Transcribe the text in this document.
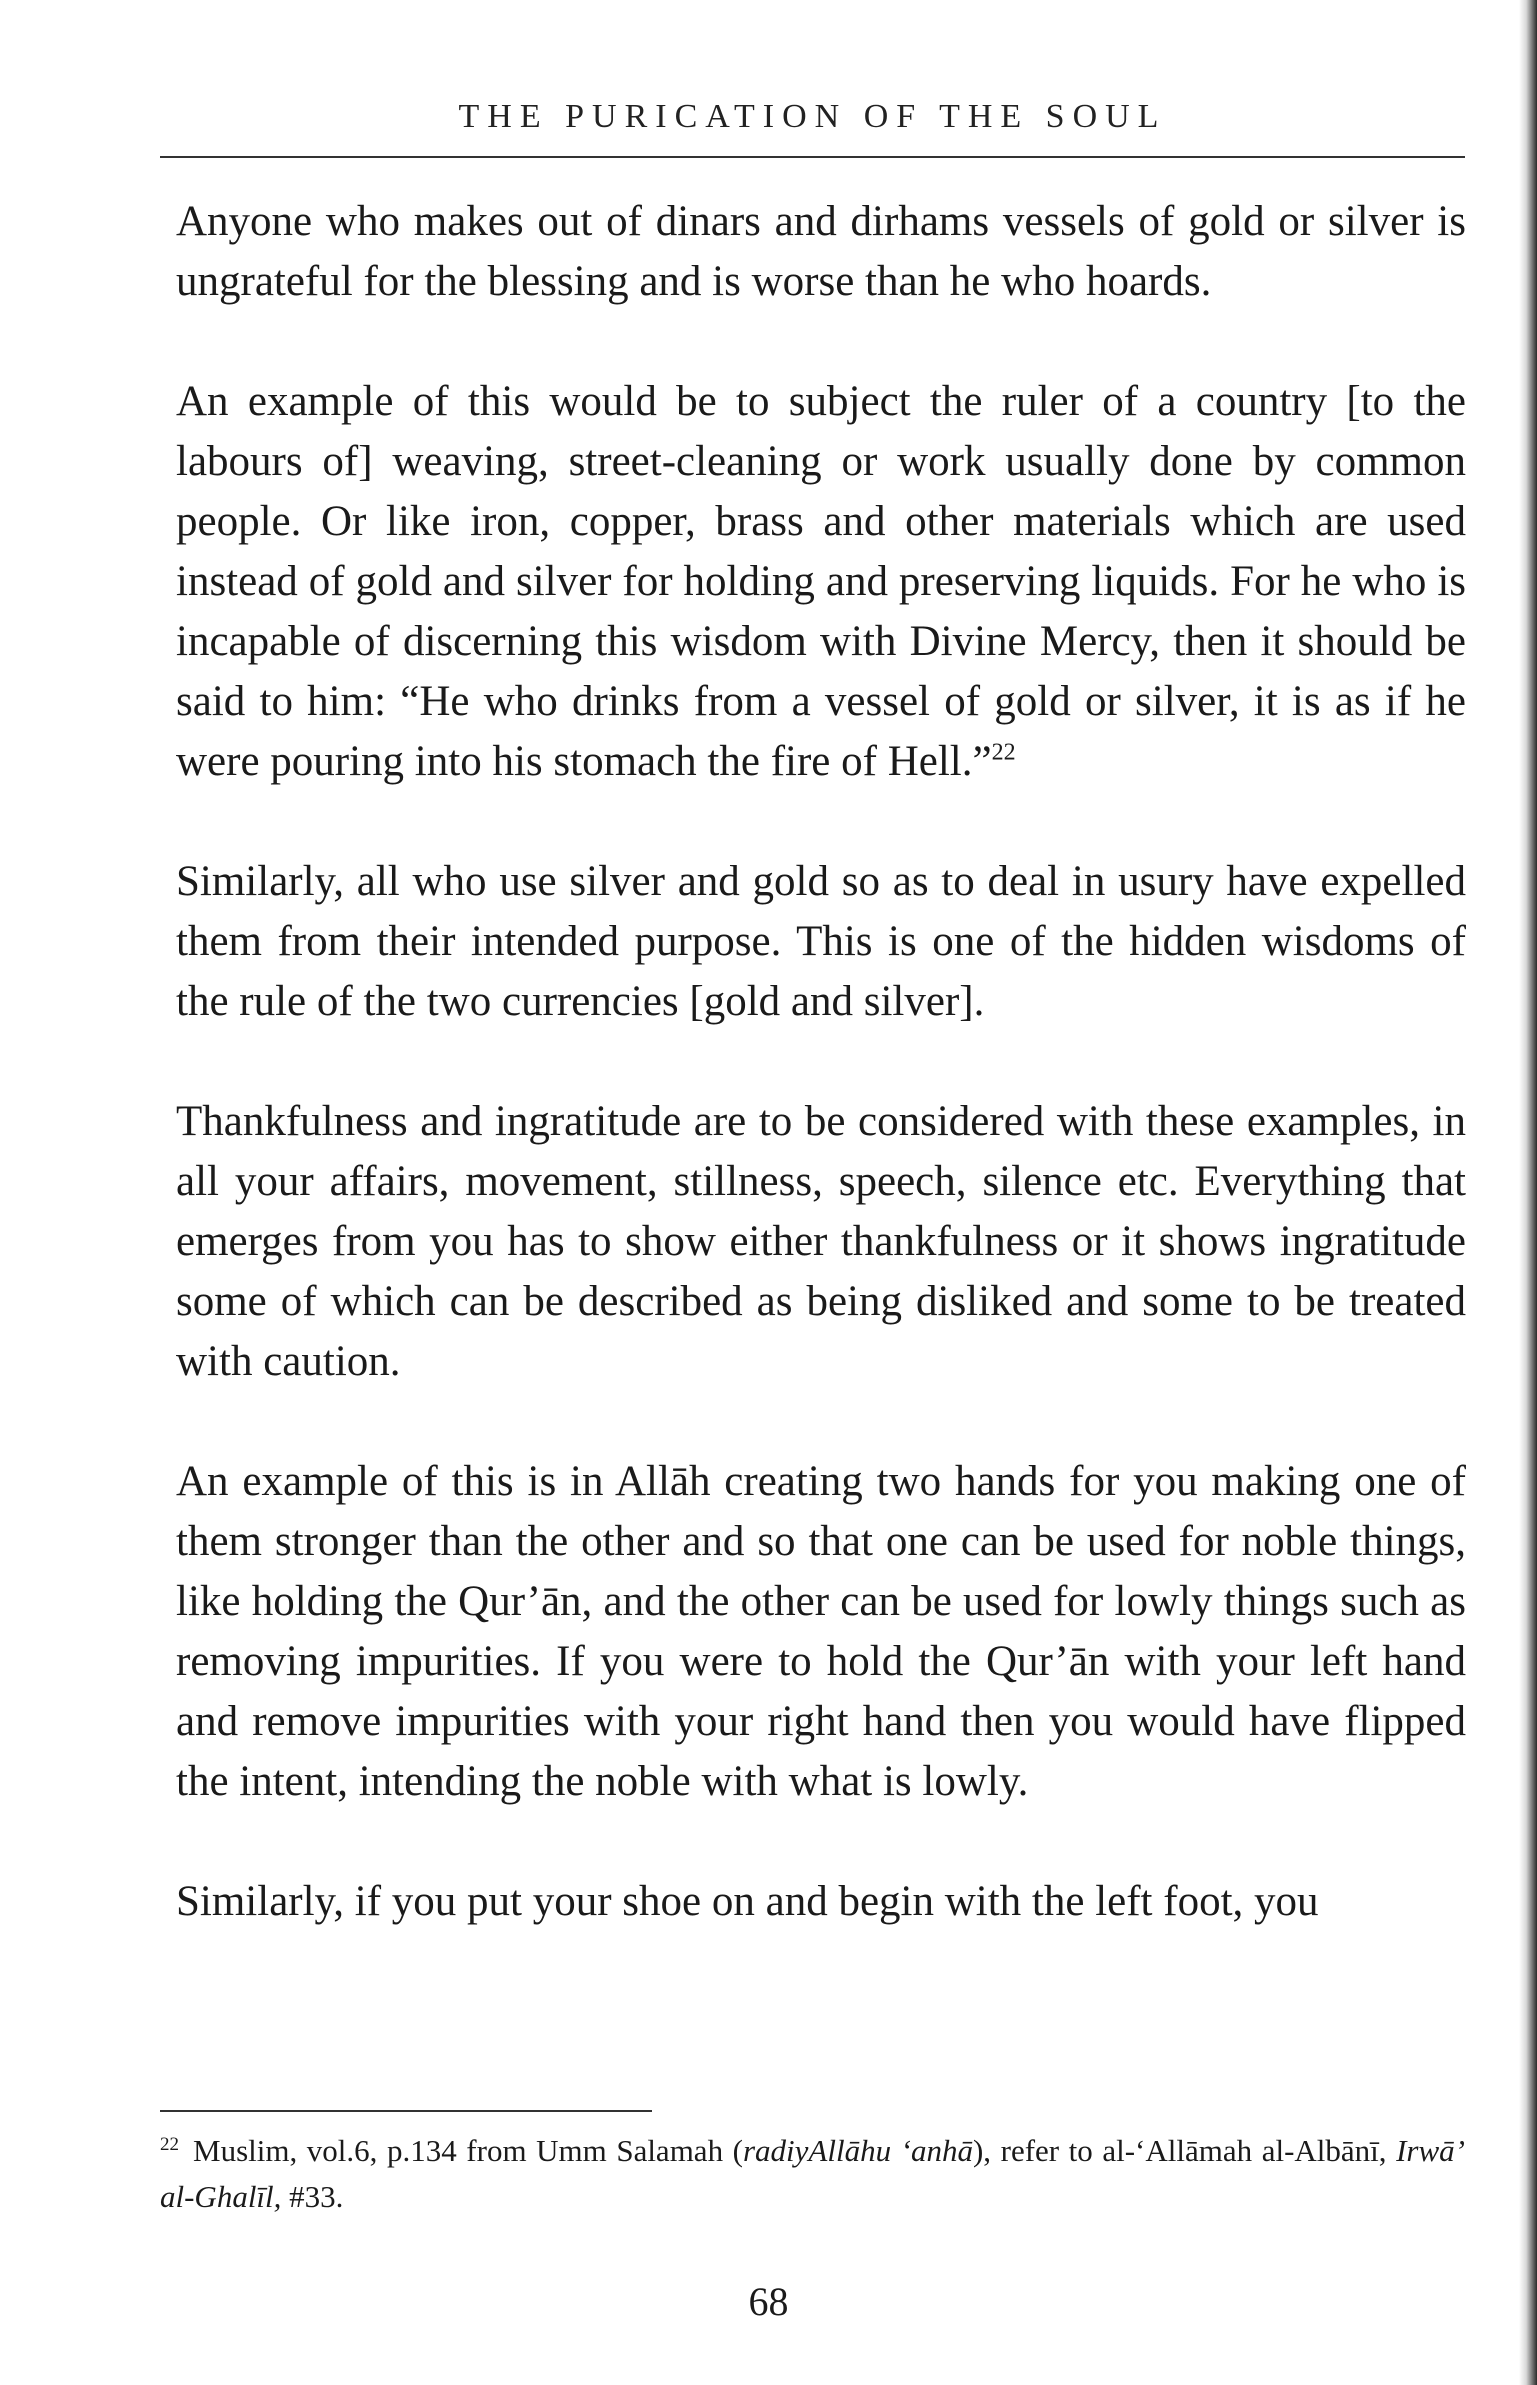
THE PURICATION OF THE SOUL

Anyone who makes out of dinars and dirhams vessels of gold or silver is ungrateful for the blessing and is worse than he who hoards.

An example of this would be to subject the ruler of a country [to the labours of] weaving, street-cleaning or work usually done by common people. Or like iron, copper, brass and other materials which are used instead of gold and silver for holding and preserving liquids. For he who is incapable of discerning this wisdom with Divine Mercy, then it should be said to him: “He who drinks from a vessel of gold or silver, it is as if he were pouring into his stomach the fire of Hell.”$^{22}$

Similarly, all who use silver and gold so as to deal in usury have expelled them from their intended purpose. This is one of the hidden wisdoms of the rule of the two currencies [gold and silver].

Thankfulness and ingratitude are to be considered with these examples, in all your affairs, movement, stillness, speech, silence etc. Everything that emerges from you has to show either thankfulness or it shows ingratitude some of which can be described as being disliked and some to be treated with caution.

An example of this is in Allāh creating two hands for you making one of them stronger than the other and so that one can be used for noble things, like holding the Qur’ān, and the other can be used for lowly things such as removing impurities. If you were to hold the Qur’ān with your left hand and remove impurities with your right hand then you would have flipped the intent, intending the noble with what is lowly.

Similarly, if you put your shoe on and begin with the left foot, you

$^{22}$ Muslim, vol.6, p.134 from Umm Salamah (radiyAllāhu ‘anhā), refer to al-‘Allāmah al-Albānī, Irwā’ al-Ghalīl, #33.
68
